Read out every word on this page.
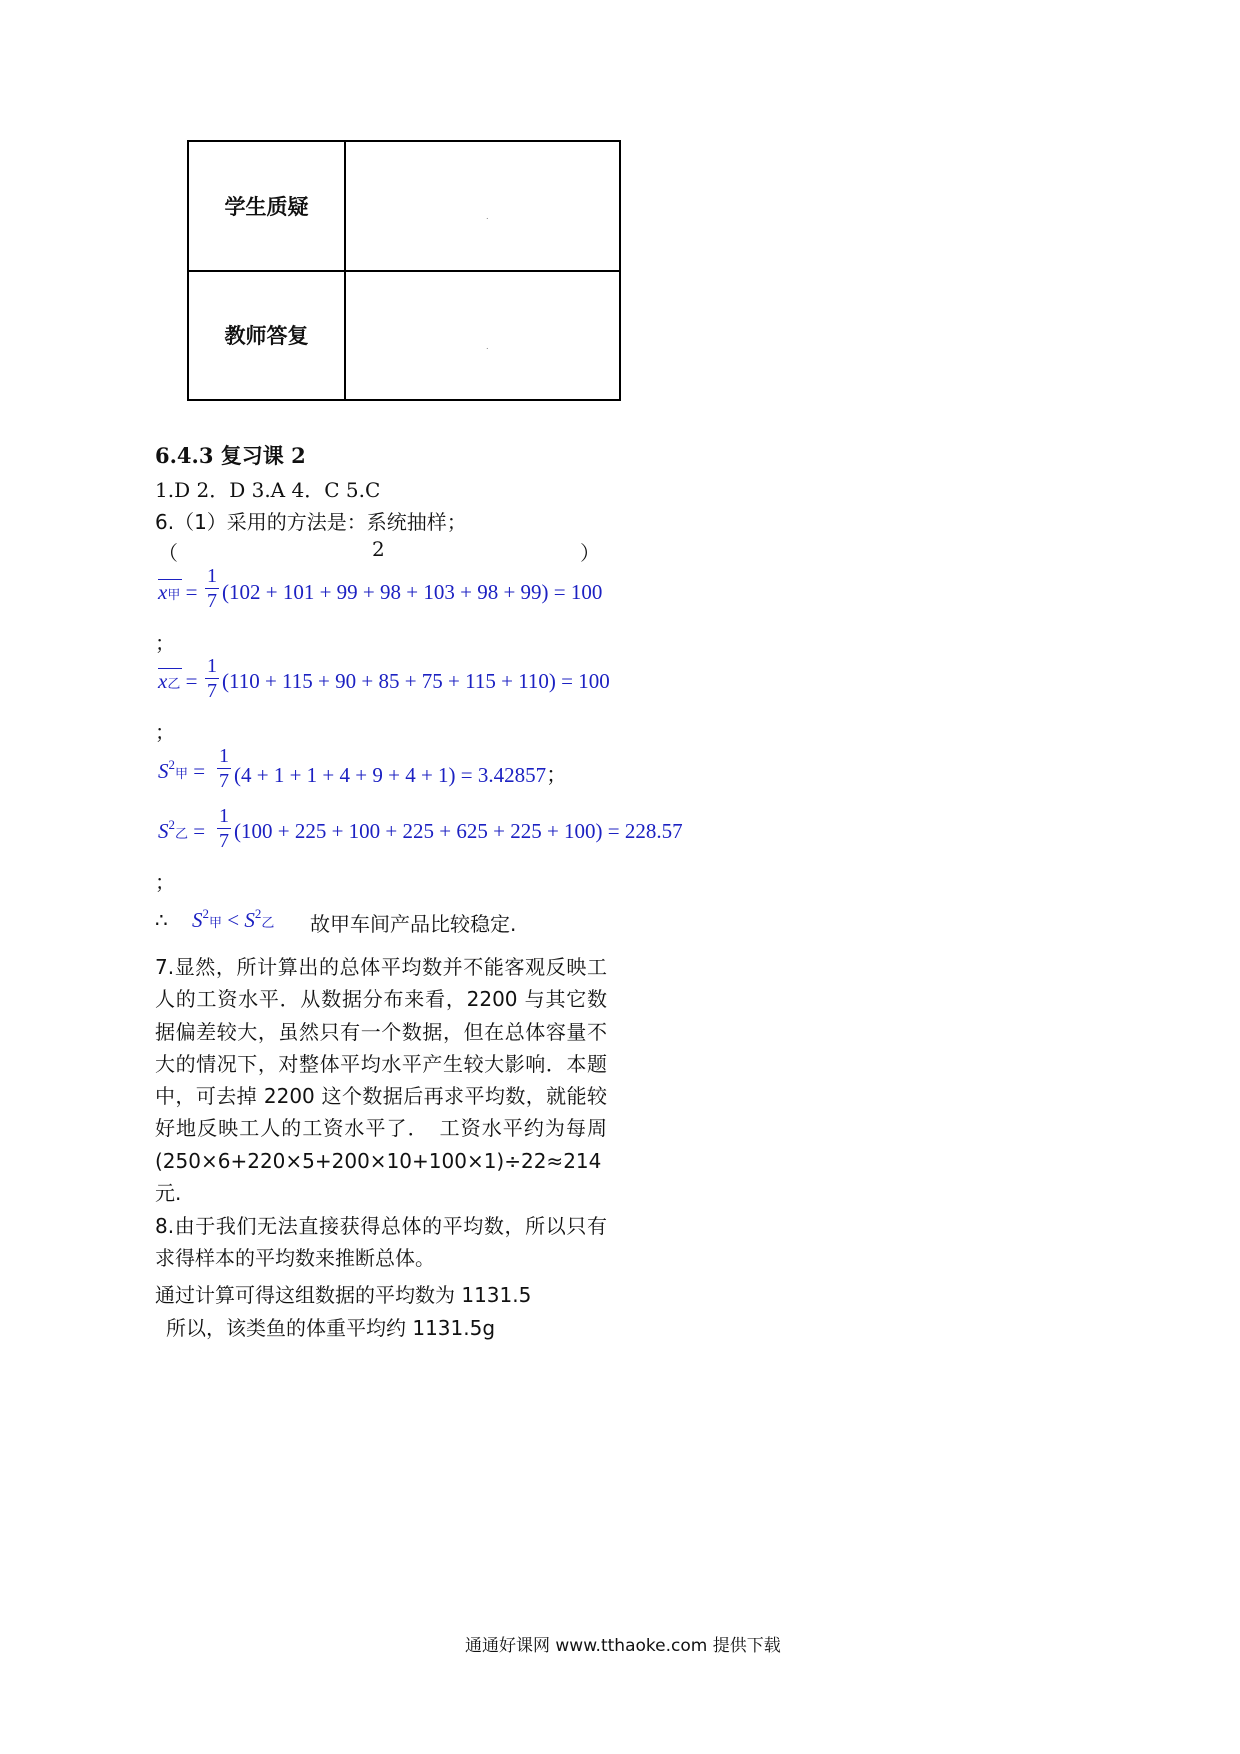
学生质疑	.

教师答复	.
6.4.3 复习课 2
1.D 2．D 3.A 4．C 5.C
6.（1）采用的方法是：系统抽样；
（	2	）
x甲 =
1
7 (102 + 101 + 99 + 98 + 103 + 98 + 99) = 100
；
x乙 =
1
7 (110 + 115 + 90 + 85 + 75 + 115 + 110) = 100
；
$S^2$甲 =
1
7 (4 + 1 + 1 + 4 + 9 + 4 + 1) = 3.42857；
$S^2$乙 =
1
7 (100 + 225 + 100 + 225 + 625 + 225 + 100) = 228.57
；
∴ $S^2$甲 < $S^2$乙 故甲车间产品比较稳定.
7.显然，所计算出的总体平均数并不能客观反映工人的工资水平．从数据分布来看，2200 与其它数据偏差较大，虽然只有一个数据，但在总体容量不大的情况下，对整体平均水平产生较大影响．本题中，可去掉 2200 这个数据后再求平均数，就能较好地反映工人的工资水平了．　工资水平约为每周(250×6+220×5+200×10+100×1)÷22≈214 元.
8.由于我们无法直接获得总体的平均数，所以只有求得样本的平均数来推断总体。
通过计算可得这组数据的平均数为 1131.5
所以，该类鱼的体重平均约 1131.5g
通通好课网 www.tthaoke.com 提供下载
